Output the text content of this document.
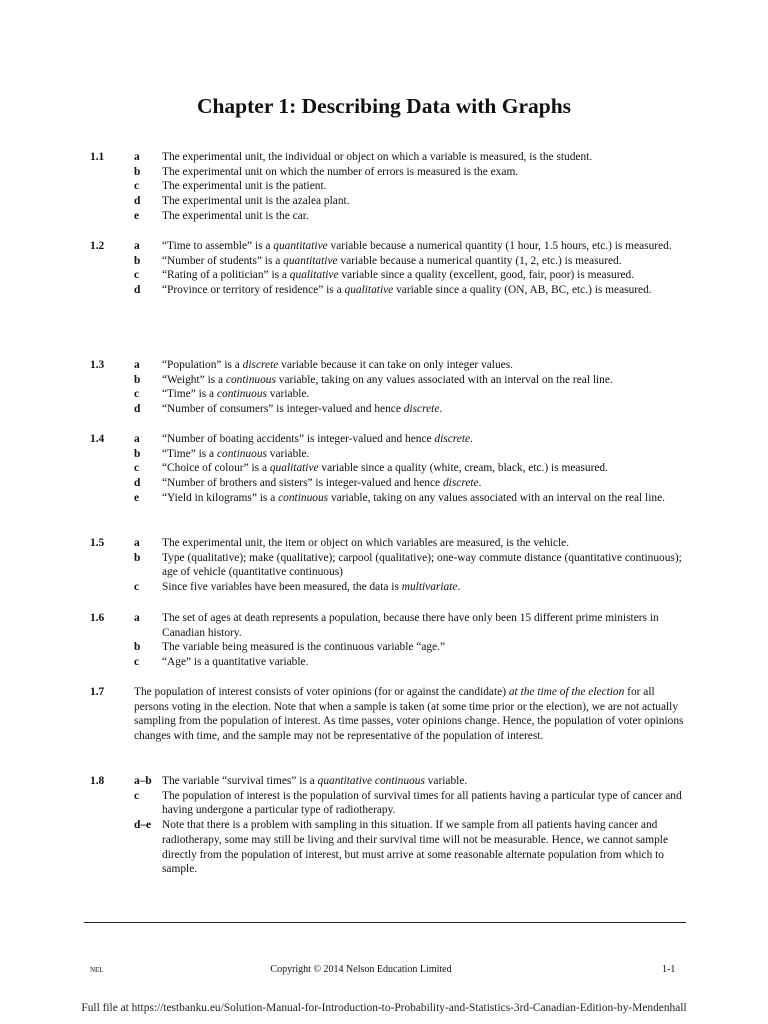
Chapter 1: Describing Data with Graphs
1.1	a The experimental unit, the individual or object on which a variable is measured, is the student.
b The experimental unit on which the number of errors is measured is the exam.
c The experimental unit is the patient.
d The experimental unit is the azalea plant.
e The experimental unit is the car.
1.2	a “Time to assemble” is a quantitative variable because a numerical quantity (1 hour, 1.5 hours, etc.) is measured.
b “Number of students” is a quantitative variable because a numerical quantity (1, 2, etc.) is measured.
c “Rating of a politician” is a qualitative variable since a quality (excellent, good, fair, poor) is measured.
d “Province or territory of residence” is a qualitative variable since a quality (ON, AB, BC, etc.) is measured.
1.3	a “Population” is a discrete variable because it can take on only integer values.
b “Weight” is a continuous variable, taking on any values associated with an interval on the real line.
c “Time” is a continuous variable.
d “Number of consumers” is integer-valued and hence discrete.
1.4	a “Number of boating accidents” is integer-valued and hence discrete.
b “Time” is a continuous variable.
c “Choice of colour” is a qualitative variable since a quality (white, cream, black, etc.) is measured.
d “Number of brothers and sisters” is integer-valued and hence discrete.
e “Yield in kilograms” is a continuous variable, taking on any values associated with an interval on the real line.
1.5	a The experimental unit, the item or object on which variables are measured, is the vehicle.
b Type (qualitative); make (qualitative); carpool (qualitative); one-way commute distance (quantitative continuous); age of vehicle (quantitative continuous)
c Since five variables have been measured, the data is multivariate.
1.6	a The set of ages at death represents a population, because there have only been 15 different prime ministers in Canadian history.
b The variable being measured is the continuous variable “age.”
c “Age” is a quantitative variable.
1.7	The population of interest consists of voter opinions (for or against the candidate) at the time of the election for all persons voting in the election. Note that when a sample is taken (at some time prior or the election), we are not actually sampling from the population of interest. As time passes, voter opinions change. Hence, the population of voter opinions changes with time, and the sample may not be representative of the population of interest.
1.8	a–b The variable “survival times” is a quantitative continuous variable.
c The population of interest is the population of survival times for all patients having a particular type of cancer and having undergone a particular type of radiotherapy.
d–e Note that there is a problem with sampling in this situation. If we sample from all patients having cancer and radiotherapy, some may still be living and their survival time will not be measurable. Hence, we cannot sample directly from the population of interest, but must arrive at some reasonable alternate population from which to sample.
NEL	Copyright © 2014 Nelson Education Limited	1-1
Full file at https://testbanku.eu/Solution-Manual-for-Introduction-to-Probability-and-Statistics-3rd-Canadian-Edition-by-Mendenhall
